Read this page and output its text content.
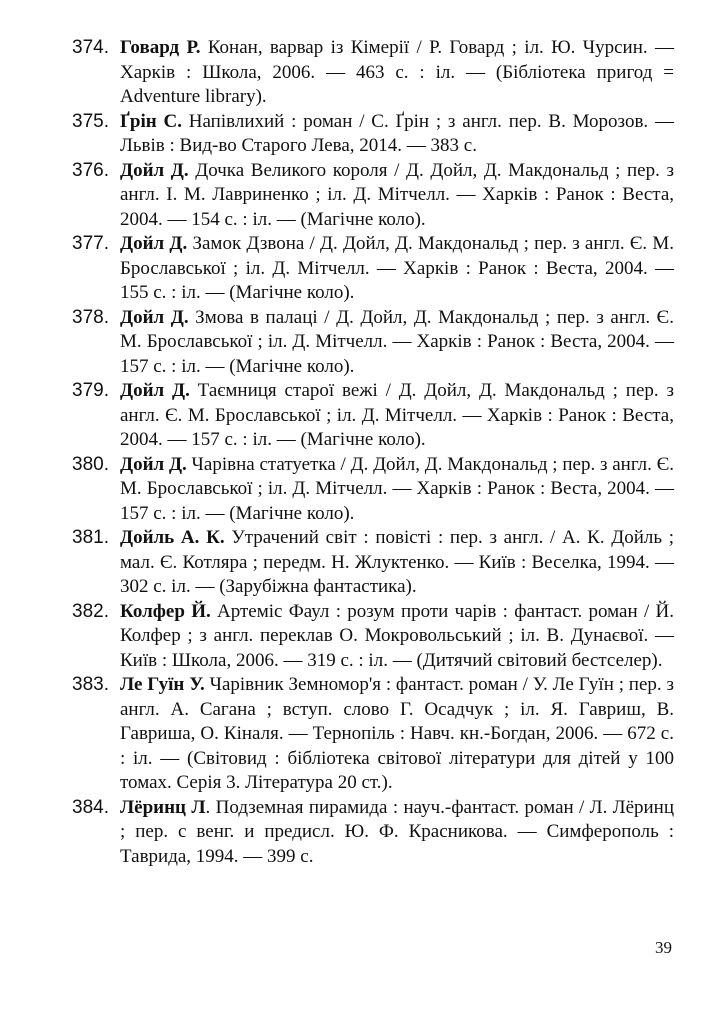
374. Говард Р. Конан, варвар із Кімерії / Р. Говард ; іл. Ю. Чурсин. — Харків : Школа, 2006. — 463 с. : іл. — (Бібліотека пригод = Adventure library).
375. Ґрін С. Напівлихий : роман / С. Ґрін ; з англ. пер. В. Морозов. — Львів : Вид-во Старого Лева, 2014. — 383 с.
376. Дойл Д. Дочка Великого короля / Д. Дойл, Д. Макдональд ; пер. з англ. І. М. Лавриненко ; іл. Д. Мітчелл. — Харків : Ранок : Веста, 2004. — 154 с. : іл. — (Магічне коло).
377. Дойл Д. Замок Дзвона / Д. Дойл, Д. Макдональд ; пер. з англ. Є. М. Брославської ; іл. Д. Мітчелл. — Харків : Ранок : Веста, 2004. — 155 с. : іл. — (Магічне коло).
378. Дойл Д. Змова в палаці / Д. Дойл, Д. Макдональд ; пер. з англ. Є. М. Брославської ; іл. Д. Мітчелл. — Харків : Ранок : Веста, 2004. — 157 с. : іл. — (Магічне коло).
379. Дойл Д. Таємниця старої вежі / Д. Дойл, Д. Макдональд ; пер. з англ. Є. М. Брославської ; іл. Д. Мітчелл. — Харків : Ранок : Веста, 2004. — 157 с. : іл. — (Магічне коло).
380. Дойл Д. Чарівна статуетка / Д. Дойл, Д. Макдональд ; пер. з англ. Є. М. Брославської ; іл. Д. Мітчелл. — Харків : Ранок : Веста, 2004. — 157 с. : іл. — (Магічне коло).
381. Дойль А. К. Утрачений світ : повісті : пер. з англ. / А. К. Дойль ; мал. Є. Котляра ; передм. Н. Жлуктенко. — Київ : Веселка, 1994. — 302 с. іл. — (Зарубіжна фантастика).
382. Колфер Й. Артеміс Фаул : розум проти чарів : фантаст. роман / Й. Колфер ; з англ. переклав О. Мокровольський ; іл. В. Дунаєвої. — Київ : Школа, 2006. — 319 с. : іл. — (Дитячий світовий бестселер).
383. Ле Гуїн У. Чарівник Земномор'я : фантаст. роман / У. Ле Гуїн ; пер. з англ. А. Сагана ; вступ. слово Г. Осадчук ; іл. Я. Гавриш, В. Гавриша, О. Кіналя. — Тернопіль : Навч. кн.-Богдан, 2006. — 672 с. : іл. — (Світовид : бібліотека світової літератури для дітей у 100 томах. Серія 3. Література 20 ст.).
384. Лёринц Л. Подземная пирамида : науч.-фантаст. роман / Л. Лёринц ; пер. с венг. и предисл. Ю. Ф. Красникова. — Симферополь : Таврида, 1994. — 399 с.
39
